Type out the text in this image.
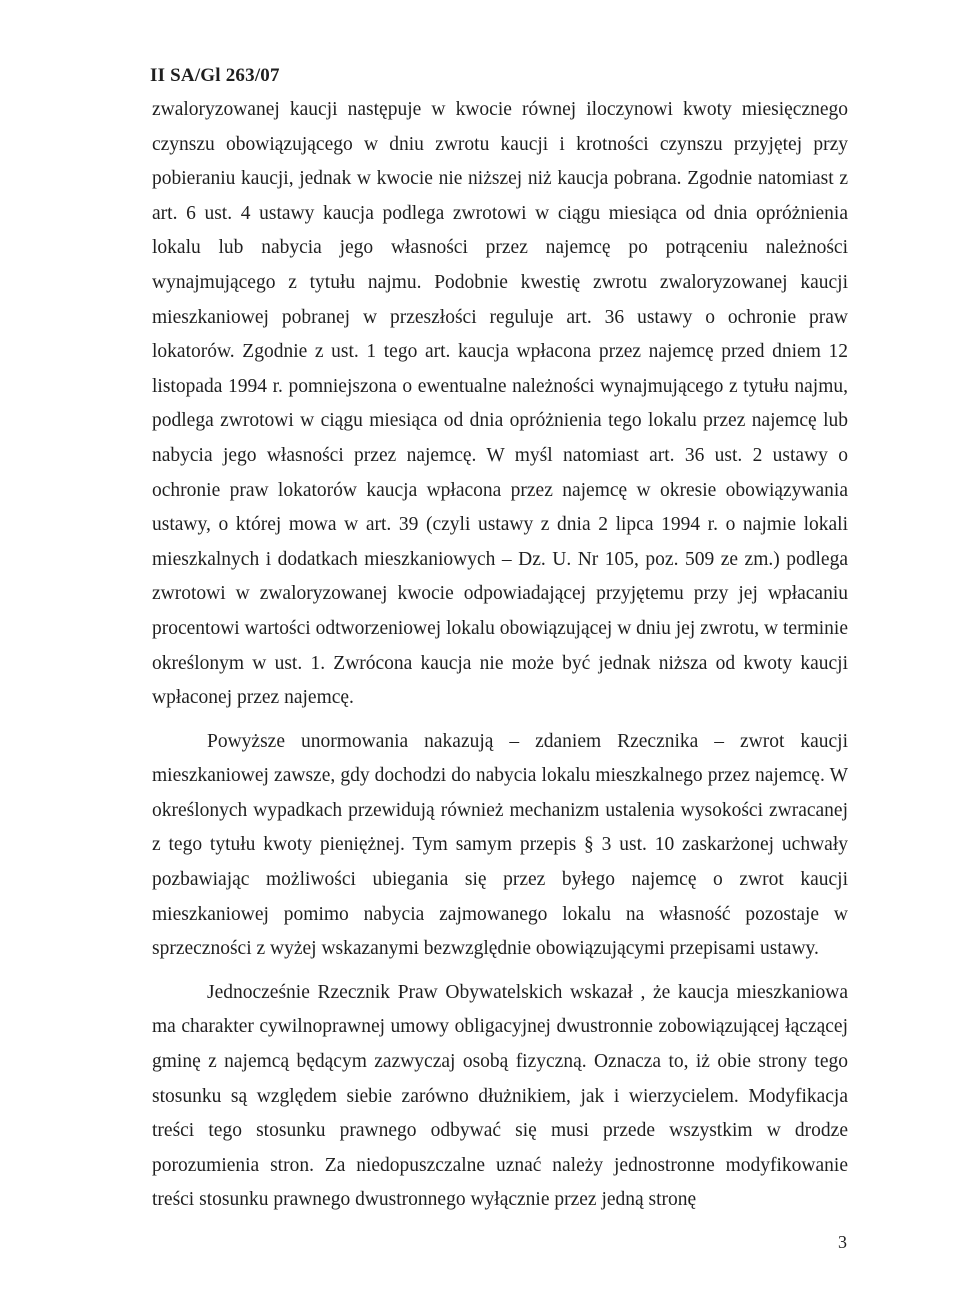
II SA/Gl 263/07

zwaloryzowanej kaucji następuje w kwocie równej iloczynowi kwoty miesięcznego czynszu obowiązującego w dniu zwrotu kaucji i krotności czynszu przyjętej przy pobieraniu kaucji, jednak w kwocie nie niższej niż kaucja pobrana. Zgodnie natomiast z art. 6 ust. 4 ustawy kaucja podlega zwrotowi w ciągu miesiąca od dnia opróżnienia lokalu lub nabycia jego własności przez najemcę po potrąceniu należności wynajmującego z tytułu najmu. Podobnie kwestię zwrotu zwaloryzowanej kaucji mieszkaniowej pobranej w przeszłości reguluje art. 36 ustawy o ochronie praw lokatorów. Zgodnie z ust. 1 tego art. kaucja wpłacona przez najemcę przed dniem 12 listopada 1994 r. pomniejszona o ewentualne należności wynajmującego z tytułu najmu, podlega zwrotowi w ciągu miesiąca od dnia opróżnienia tego lokalu przez najemcę lub nabycia jego własności przez najemcę. W myśl natomiast art. 36 ust. 2 ustawy o ochronie praw lokatorów kaucja wpłacona przez najemcę w okresie obowiązywania ustawy, o której mowa w art. 39 (czyli ustawy z dnia 2 lipca 1994 r. o najmie lokali mieszkalnych i dodatkach mieszkaniowych – Dz. U. Nr 105, poz. 509 ze zm.) podlega zwrotowi w zwaloryzowanej kwocie odpowiadającej przyjętemu przy jej wpłacaniu procentowi wartości odtworzeniowej lokalu obowiązującej w dniu jej zwrotu, w terminie określonym w ust. 1. Zwrócona kaucja nie może być jednak niższa od kwoty kaucji wpłaconej przez najemcę.

Powyższe unormowania nakazują – zdaniem Rzecznika – zwrot kaucji mieszkaniowej zawsze, gdy dochodzi do nabycia lokalu mieszkalnego przez najemcę. W określonych wypadkach przewidują również mechanizm ustalenia wysokości zwracanej z tego tytułu kwoty pieniężnej. Tym samym przepis § 3 ust. 10 zaskarżonej uchwały pozbawiając możliwości ubiegania się przez byłego najemcę o zwrot kaucji mieszkaniowej pomimo nabycia zajmowanego lokalu na własność pozostaje w sprzeczności z wyżej wskazanymi bezwzględnie obowiązującymi przepisami ustawy.

Jednocześnie Rzecznik Praw Obywatelskich wskazał , że kaucja mieszkaniowa ma charakter cywilnoprawnej umowy obligacyjnej dwustronnie zobowiązującej łączącej gminę z najemcą będącym zazwyczaj osobą fizyczną. Oznacza to, iż obie strony tego stosunku są względem siebie zarówno dłużnikiem, jak i wierzycielem. Modyfikacja treści tego stosunku prawnego odbywać się musi przede wszystkim w drodze porozumienia stron. Za niedopuszczalne uznać należy jednostronne modyfikowanie treści stosunku prawnego dwustronnego wyłącznie przez jedną stronę

3
